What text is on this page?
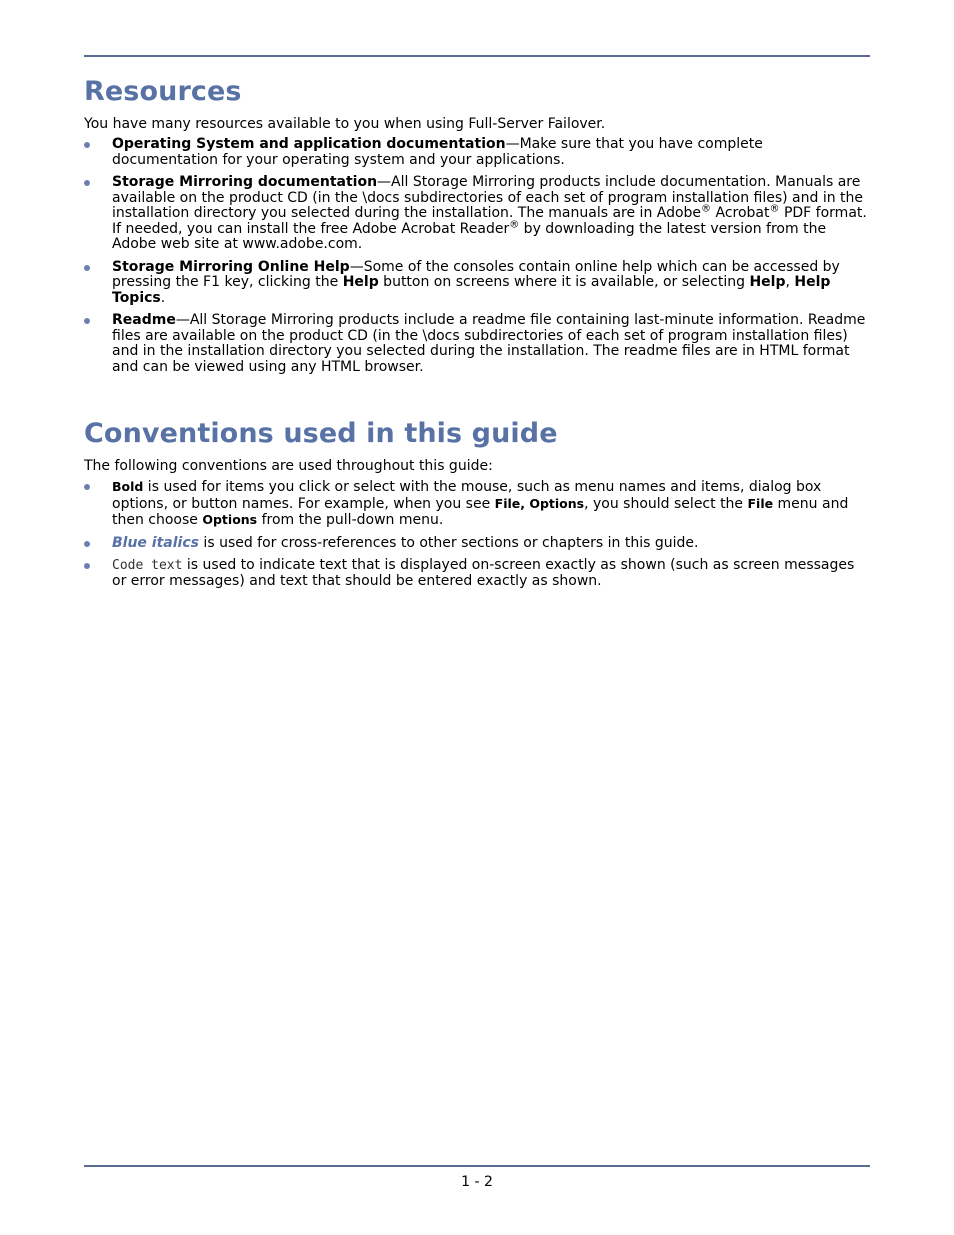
Resources

You have many resources available to you when using Full-Server Failover.

Operating System and application documentation—Make sure that you have complete documentation for your operating system and your applications.
Storage Mirroring documentation—All Storage Mirroring products include documentation. Manuals are available on the product CD (in the \docs subdirectories of each set of program installation files) and in the installation directory you selected during the installation. The manuals are in Adobe® Acrobat® PDF format. If needed, you can install the free Adobe Acrobat Reader® by downloading the latest version from the Adobe web site at www.adobe.com.
Storage Mirroring Online Help—Some of the consoles contain online help which can be accessed by pressing the F1 key, clicking the Help button on screens where it is available, or selecting Help, Help Topics.
Readme—All Storage Mirroring products include a readme file containing last-minute information. Readme files are available on the product CD (in the \docs subdirectories of each set of program installation files) and in the installation directory you selected during the installation. The readme files are in HTML format and can be viewed using any HTML browser.
Conventions used in this guide

The following conventions are used throughout this guide:

Bold is used for items you click or select with the mouse, such as menu names and items, dialog box options, or button names. For example, when you see File, Options, you should select the File menu and then choose Options from the pull-down menu.
Blue italics is used for cross-references to other sections or chapters in this guide.
Code text is used to indicate text that is displayed on-screen exactly as shown (such as screen messages or error messages) and text that should be entered exactly as shown.
1 - 2
